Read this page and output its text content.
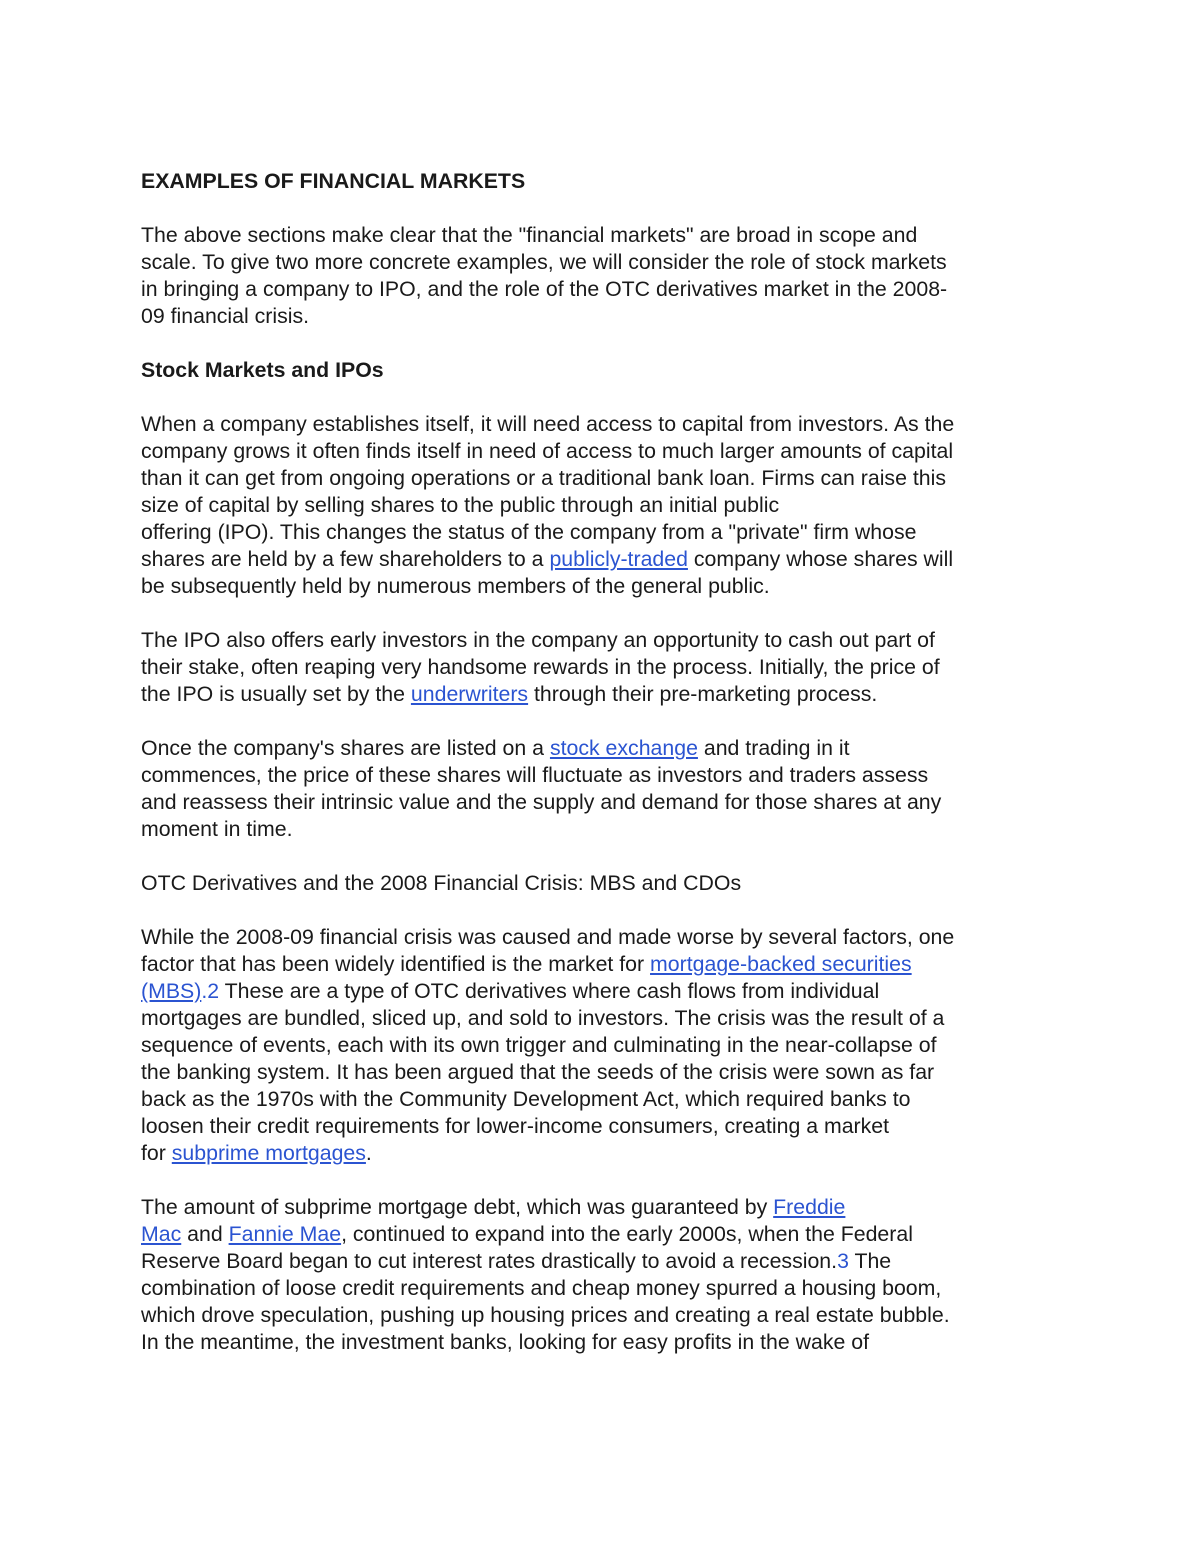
EXAMPLES OF FINANCIAL MARKETS

The above sections make clear that the "financial markets" are broad in scope and
scale. To give two more concrete examples, we will consider the role of stock markets
in bringing a company to IPO, and the role of the OTC derivatives market in the 2008-
09 financial crisis.

Stock Markets and IPOs

When a company establishes itself, it will need access to capital from investors. As the
company grows it often finds itself in need of access to much larger amounts of capital
than it can get from ongoing operations or a traditional bank loan. Firms can raise this
size of capital by selling shares to the public through an initial public
offering (IPO). This changes the status of the company from a "private" firm whose
shares are held by a few shareholders to a publicly-traded company whose shares will
be subsequently held by numerous members of the general public.

The IPO also offers early investors in the company an opportunity to cash out part of
their stake, often reaping very handsome rewards in the process. Initially, the price of
the IPO is usually set by the underwriters through their pre-marketing process.

Once the company's shares are listed on a stock exchange and trading in it
commences, the price of these shares will fluctuate as investors and traders assess
and reassess their intrinsic value and the supply and demand for those shares at any
moment in time.

OTC Derivatives and the 2008 Financial Crisis: MBS and CDOs

While the 2008-09 financial crisis was caused and made worse by several factors, one
factor that has been widely identified is the market for mortgage-backed securities
(MBS).2 These are a type of OTC derivatives where cash flows from individual
mortgages are bundled, sliced up, and sold to investors. The crisis was the result of a
sequence of events, each with its own trigger and culminating in the near-collapse of
the banking system. It has been argued that the seeds of the crisis were sown as far
back as the 1970s with the Community Development Act, which required banks to
loosen their credit requirements for lower-income consumers, creating a market
for subprime mortgages.

The amount of subprime mortgage debt, which was guaranteed by Freddie
Mac and Fannie Mae, continued to expand into the early 2000s, when the Federal
Reserve Board began to cut interest rates drastically to avoid a recession.3 The
combination of loose credit requirements and cheap money spurred a housing boom,
which drove speculation, pushing up housing prices and creating a real estate bubble.
In the meantime, the investment banks, looking for easy profits in the wake of
